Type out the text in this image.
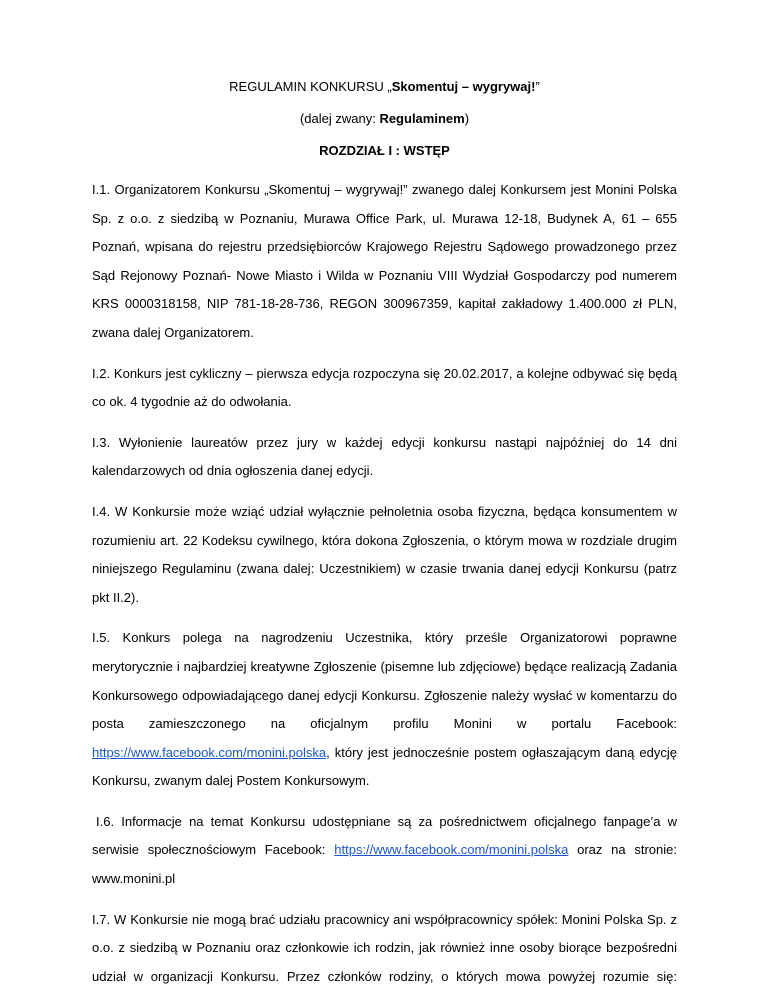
REGULAMIN KONKURSU „Skomentuj – wygrywaj!”
(dalej zwany: Regulaminem)
ROZDZIAŁ I : WSTĘP

I.1. Organizatorem Konkursu „Skomentuj – wygrywaj!” zwanego dalej Konkursem jest Monini Polska Sp. z o.o. z siedzibą w Poznaniu, Murawa Office Park, ul. Murawa 12-18, Budynek A, 61 – 655 Poznań, wpisana do rejestru przedsiębiorców Krajowego Rejestru Sądowego prowadzonego przez Sąd Rejonowy Poznań- Nowe Miasto i Wilda w Poznaniu VIII Wydział Gospodarczy pod numerem KRS 0000318158, NIP 781-18-28-736, REGON 300967359, kapitał zakładowy 1.400.000 zł PLN, zwana dalej Organizatorem.

I.2. Konkurs jest cykliczny – pierwsza edycja rozpoczyna się 20.02.2017, a kolejne odbywać się będą co ok. 4 tygodnie aż do odwołania.

I.3. Wyłonienie laureatów przez jury w każdej edycji konkursu nastąpi najpóźniej do 14 dni kalendarzowych od dnia ogłoszenia danej edycji.

I.4. W Konkursie może wziąć udział wyłącznie pełnoletnia osoba fizyczna, będąca konsumentem w rozumieniu art. 22 Kodeksu cywilnego, która dokona Zgłoszenia, o którym mowa w rozdziale drugim niniejszego Regulaminu (zwana dalej: Uczestnikiem) w czasie trwania danej edycji Konkursu (patrz pkt II.2).

I.5. Konkurs polega na nagrodzeniu Uczestnika, który prześle Organizatorowi poprawne merytorycznie i najbardziej kreatywne Zgłoszenie (pisemne lub zdjęciowe) będące realizacją Zadania Konkursowego odpowiadającego danej edycji Konkursu. Zgłoszenie należy wysłać w komentarzu do posta zamieszczonego na oficjalnym profilu Monini w portalu Facebook: https://www.facebook.com/monini.polska, który jest jednocześnie postem ogłaszającym daną edycję Konkursu, zwanym dalej Postem Konkursowym.

I.6. Informacje na temat Konkursu udostępniane są za pośrednictwem oficjalnego fanpage’a w serwisie społecznościowym Facebook: https://www.facebook.com/monini.polska oraz na stronie: www.monini.pl

I.7. W Konkursie nie mogą brać udziału pracownicy ani współpracownicy spółek: Monini Polska Sp. z o.o. z siedzibą w Poznaniu oraz członkowie ich rodzin, jak również inne osoby biorące bezpośredni udział w organizacji Konkursu. Przez członków rodziny, o których mowa powyżej rozumie się:
